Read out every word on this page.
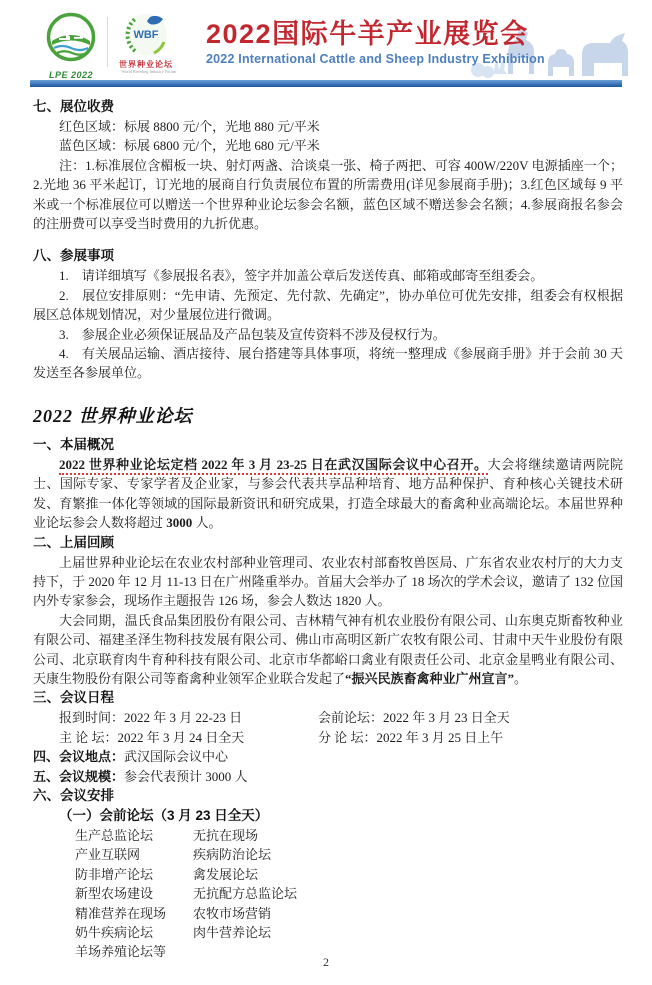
LPE 2022
WBF
世界种业论坛
World Breeding Industry Forum
2022国际牛羊产业展览会
2022 International Cattle and Sheep Industry Exhibition
七、展位收费
红色区域：标展 8800 元/个，光地 880 元/平米
蓝色区域：标展 6800 元/个，光地 680 元/平米

注：1.标准展位含楣板一块、射灯两盏、洽谈桌一张、椅子两把、可容 400W/220V 电源插座一个；2.光地 36 平米起订，订光地的展商自行负责展位布置的所需费用(详见参展商手册)；3.红色区域每 9 平米或一个标准展位可以赠送一个世界种业论坛参会名额，蓝色区域不赠送参会名额；4.参展商报名参会的注册费可以享受当时费用的九折优惠。

八、参展事项

1.　请详细填写《参展报名表》，签字并加盖公章后发送传真、邮箱或邮寄至组委会。

2.　展位安排原则：“先申请、先预定、先付款、先确定”，协办单位可优先安排，组委会有权根据展区总体规划情况，对少量展位进行微调。

3.　参展企业必须保证展品及产品包装及宣传资料不涉及侵权行为。

4.　有关展品运输、酒店接待、展台搭建等具体事项，将统一整理成《参展商手册》并于会前 30 天发送至各参展单位。

2022 世界种业论坛
一、本届概况

2022 世界种业论坛定档 2022 年 3 月 23-25 日在武汉国际会议中心召开。大会将继续邀请两院院士、国际专家、专家学者及企业家，与参会代表共享品种培育、地方品种保护、育种核心关键技术研发、育繁推一体化等领域的国际最新资讯和研究成果，打造全球最大的畜禽种业高端论坛。本届世界种业论坛参会人数将超过 3000 人。

二、上届回顾

上届世界种业论坛在农业农村部种业管理司、农业农村部畜牧兽医局、广东省农业农村厅的大力支持下，于 2020 年 12 月 11-13 日在广州隆重举办。首届大会举办了 18 场次的学术会议，邀请了 132 位国内外专家参会，现场作主题报告 126 场，参会人数达 1820 人。

大会同期，温氏食品集团股份有限公司、吉林精气神有机农业股份有限公司、山东奥克斯畜牧种业有限公司、福建圣泽生物科技发展有限公司、佛山市高明区新广农牧有限公司、甘肃中天牛业股份有限公司、北京联育肉牛育种科技有限公司、北京市华都峪口禽业有限责任公司、北京金星鸭业有限公司、天康生物股份有限公司等畜禽种业领军企业联合发起了“振兴民族畜禽种业广州宣言”。

三、会议日程
报到时间：2022 年 3 月 22-23 日	会前论坛：2022 年 3 月 23 日全天
主 论 坛：2022 年 3 月 24 日全天	分 论 坛：2022 年 3 月 25 日上午
四、会议地点：武汉国际会议中心
五、会议规模：参会代表预计 3000 人
六、会议安排
（一）会前论坛（3 月 23 日全天）
生产总监论坛
产业互联网
防非增产论坛
新型农场建设
精准营养在现场
奶牛疾病论坛
羊场养殖论坛等
无抗在现场
疾病防治论坛
禽发展论坛
无抗配方总监论坛
农牧市场营销
肉牛营养论坛
2
